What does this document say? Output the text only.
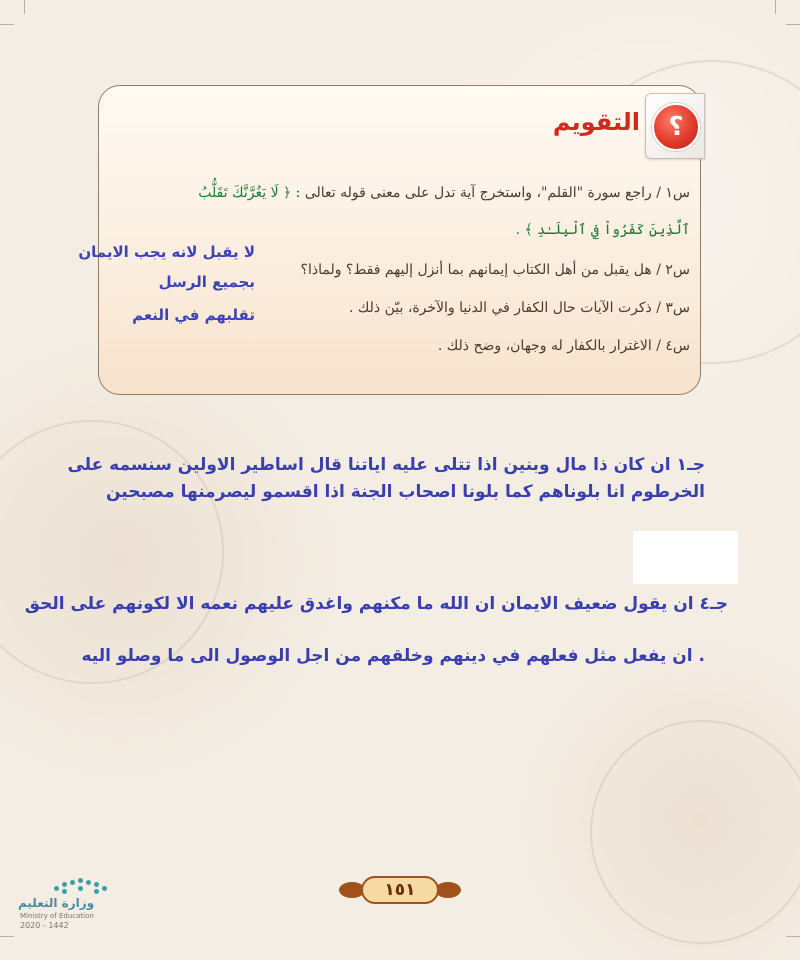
؟
التقويم
س١ / راجع سورة "القلم"، واستخرج آية تدل على معنى قوله تعالى : ﴿ لَا يَغُرَّنَّكَ تَقَلُّبُ
ٱلَّذِينَ كَفَرُواْ فِي ٱلْبِلَـٰدِ ﴾ .
س٢ / هل يقبل من أهل الكتاب إيمانهم بما أنزل إليهم فقط؟ ولماذا؟
س٣ / ذكرت الآيات حال الكفار في الدنيا والآخرة، بيّن ذلك .
س٤ / الاغترار بالكفار له وجهان، وضح ذلك .
لا يقبل لانه يجب الايمان
بجميع الرسل
تقلبهم في النعم
جـ١ ان كان ذا مال وبنين اذا تتلى عليه اياتنا قال اساطير الاولين سنسمه على
الخرطوم انا بلوناهم كما بلونا اصحاب الجنة اذا اقسمو ليصرمنها مصبحين
جـ٤ ان يقول ضعيف الايمان ان الله ما مكنهم واغدق عليهم نعمه الا لكونهم على الحق
. ان يفعل مثل فعلهم في دينهم وخلقهم من اجل الوصول الى ما وصلو اليه
١٥١
وزارة التعليم
Ministry of Education
2020 - 1442
